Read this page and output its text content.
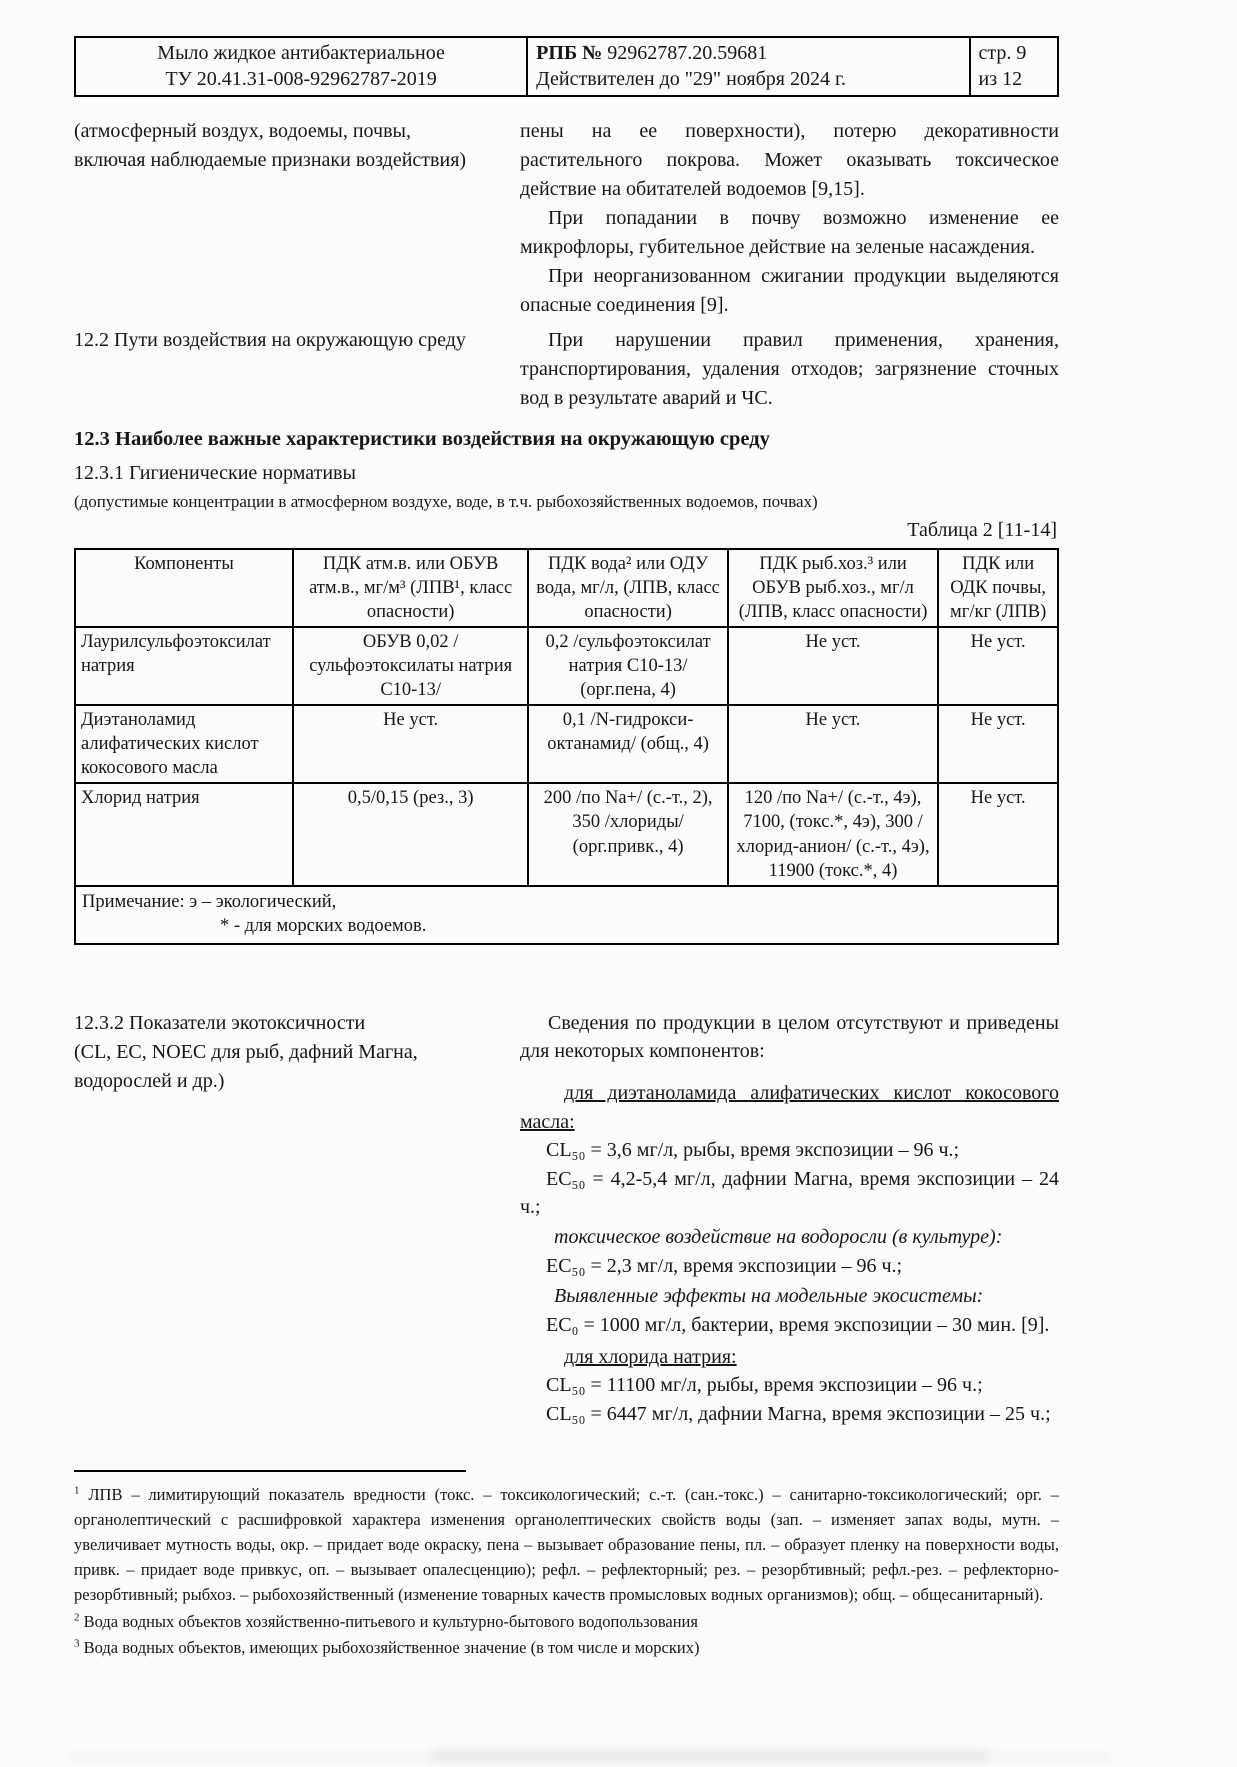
Мыло жидкое антибактериальное
ТУ 20.41.31-008-92962787-2019

РПБ № 92962787.20.59681
Действителен до "29" ноября 2024 г.

стр. 9
из 12
(атмосферный воздух, водоемы, почвы, включая наблюдаемые признаки воздействия)

пены на ее поверхности), потерю декоративности растительного покрова. Может оказывать токсическое действие на обитателей водоемов [9,15].

При попадании в почву возможно изменение ее микрофлоры, губительное действие на зеленые насаждения.

При неорганизованном сжигании продукции выделяются опасные соединения [9].

12.2 Пути воздействия на окружающую среду	При нарушении правил применения, хранения, транспортирования, удаления отходов; загрязнение сточных вод в результате аварий и ЧС.

12.3 Наиболее важные характеристики воздействия на окружающую среду
12.3.1 Гигиенические нормативы
(допустимые концентрации в атмосферном воздухе, воде, в т.ч. рыбохозяйственных водоемов, почвах)
Таблица 2 [11-14]
Компоненты	ПДК атм.в. или ОБУВ атм.в., мг/м³ (ЛПВ¹, класс опасности)	ПДК вода² или ОДУ вода, мг/л, (ЛПВ, класс опасности)	ПДК рыб.хоз.³ или ОБУВ рыб.хоз., мг/л (ЛПВ, класс опасности)	ПДК или ОДК почвы, мг/кг (ЛПВ)
Лаурилсульфоэтоксилат натрия	ОБУВ 0,02 /сульфоэтоксилаты натрия С10-13/	0,2 /сульфоэтоксилат натрия С10-13/ (орг.пена, 4)	Не уст.	Не уст.
Диэтаноламид алифатических кислот кокосового масла	Не уст.	0,1 /N-гидрокси-октанамид/ (общ., 4)	Не уст.	Не уст.
Хлорид натрия	0,5/0,15 (рез., 3)	200 /по Na+/ (с.-т., 2), 350 /хлориды/ (орг.привк., 4)	120 /по Na+/ (с.-т., 4э), 7100, (токс.*, 4э), 300 /хлорид-анион/ (с.-т., 4э), 11900 (токс.*, 4)	Не уст.

Примечание: э – экологический,
* - для морских водоемов.				
12.3.2 Показатели экотоксичности
(CL, ЕС, NOEC для рыб, дафний Магна, водорослей и др.)

Сведения по продукции в целом отсутствуют и приведены для некоторых компонентов:

для диэтаноламида алифатических кислот кокосового масла:

CL₅₀ = 3,6 мг/л, рыбы, время экспозиции – 96 ч.;

ЕС₅₀ = 4,2-5,4 мг/л, дафнии Магна, время экспозиции – 24 ч.;

токсическое воздействие на водоросли (в культуре):

ЕС₅₀ = 2,3 мг/л, время экспозиции – 96 ч.;

Выявленные эффекты на модельные экосистемы:

ЕС₀ = 1000 мг/л, бактерии, время экспозиции – 30 мин. [9].

для хлорида натрия:

CL₅₀ = 11100 мг/л, рыбы, время экспозиции – 96 ч.;

CL₅₀ = 6447 мг/л, дафнии Магна, время экспозиции – 25 ч.;

$^1$ ЛПВ – лимитирующий показатель вредности (токс. – токсикологический; с.-т. (сан.-токс.) – санитарно-токсикологический; орг. – органолептический с расшифровкой характера изменения органолептических свойств воды (зап. – изменяет запах воды, мутн. – увеличивает мутность воды, окр. – придает воде окраску, пена – вызывает образование пены, пл. – образует пленку на поверхности воды, привк. – придает воде привкус, оп. – вызывает опалесценцию); рефл. – рефлекторный; рез. – резорбтивный; рефл.-рез. – рефлекторно-резорбтивный; рыбхоз. – рыбохозяйственный (изменение товарных качеств промысловых водных организмов); общ. – общесанитарный).

$^2$ Вода водных объектов хозяйственно-питьевого и культурно-бытового водопользования

$^3$ Вода водных объектов, имеющих рыбохозяйственное значение (в том числе и морских)
